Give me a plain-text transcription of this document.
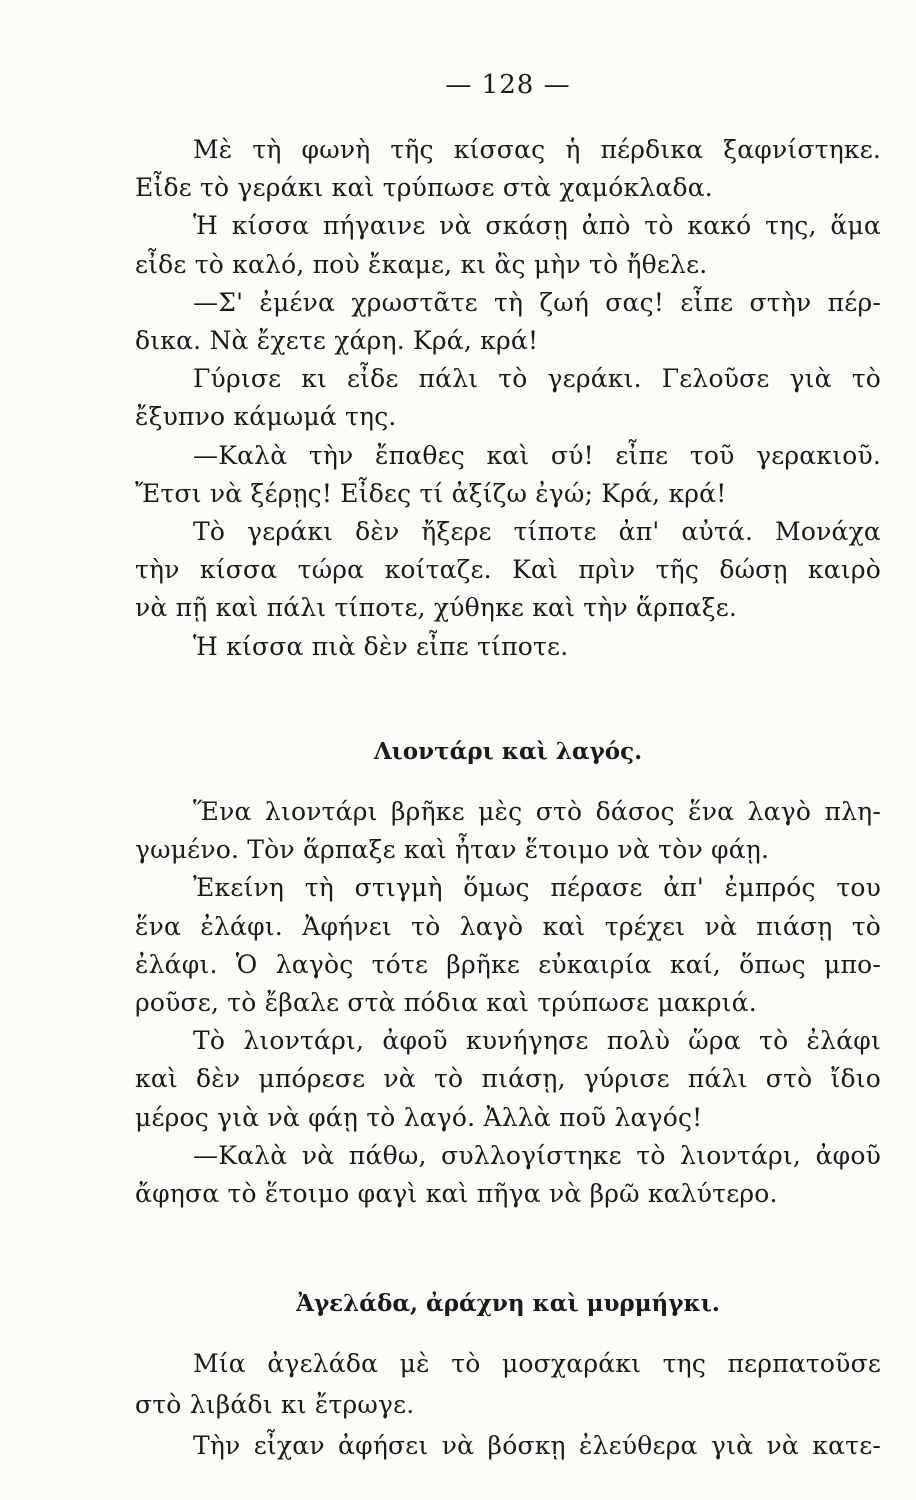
— 128 —
Μὲ τὴ φωνὴ τῆς κίσσας ἡ πέρδικα ξαφνίστηκε.
Εἶδε τὸ γεράκι καὶ τρύπωσε στὰ χαμόκλαδα.
Ἡ κίσσα πήγαινε νὰ σκάσῃ ἀπὸ τὸ κακό της, ἅμα
εἶδε τὸ καλό, ποὺ ἔκαμε, κι ἂς μὴν τὸ ἤθελε.
—Σ' ἐμένα χρωστᾶτε τὴ ζωή σας! εἶπε στὴν πέρ-
δικα. Νὰ ἔχετε χάρη. Κρά, κρά!
Γύρισε κι εἶδε πάλι τὸ γεράκι. Γελοῦσε γιὰ τὸ
ἔξυπνο κάμωμά της.
—Καλὰ τὴν ἔπαθες καὶ σύ! εἶπε τοῦ γερακιοῦ.
Ἔτσι νὰ ξέρῃς! Εἶδες τί ἀξίζω ἐγώ; Κρά, κρά!
Τὸ γεράκι δὲν ἤξερε τίποτε ἀπ' αὐτά. Μονάχα
τὴν κίσσα τώρα κοίταζε. Καὶ πρὶν τῆς δώσῃ καιρὸ
νὰ πῇ καὶ πάλι τίποτε, χύθηκε καὶ τὴν ἅρπαξε.
Ἡ κίσσα πιὰ δὲν εἶπε τίποτε.
Λιοντάρι καὶ λαγός.
Ἕνα λιοντάρι βρῆκε μὲς στὸ δάσος ἕνα λαγὸ πλη-
γωμένο. Τὸν ἅρπαξε καὶ ἦταν ἕτοιμο νὰ τὸν φάῃ.
Ἐκείνη τὴ στιγμὴ ὅμως πέρασε ἀπ' ἐμπρός του
ἕνα ἐλάφι. Ἀφήνει τὸ λαγὸ καὶ τρέχει νὰ πιάσῃ τὸ
ἐλάφι. Ὁ λαγὸς τότε βρῆκε εὐκαιρία καί, ὅπως μπο-
ροῦσε, τὸ ἔβαλε στὰ πόδια καὶ τρύπωσε μακριά.
Τὸ λιοντάρι, ἀφοῦ κυνήγησε πολὺ ὥρα τὸ ἐλάφι
καὶ δὲν μπόρεσε νὰ τὸ πιάσῃ, γύρισε πάλι στὸ ἴδιο
μέρος γιὰ νὰ φάῃ τὸ λαγό. Ἀλλὰ ποῦ λαγός!
—Καλὰ νὰ πάθω, συλλογίστηκε τὸ λιοντάρι, ἀφοῦ
ἄφησα τὸ ἕτοιμο φαγὶ καὶ πῆγα νὰ βρῶ καλύτερο.
Ἀγελάδα, ἀράχνη καὶ μυρμήγκι.
Μία ἀγελάδα μὲ τὸ μοσχαράκι της περπατοῦσε
στὸ λιβάδι κι ἔτρωγε.
Τὴν εἶχαν ἀφήσει νὰ βόσκῃ ἐλεύθερα γιὰ νὰ κατε-
